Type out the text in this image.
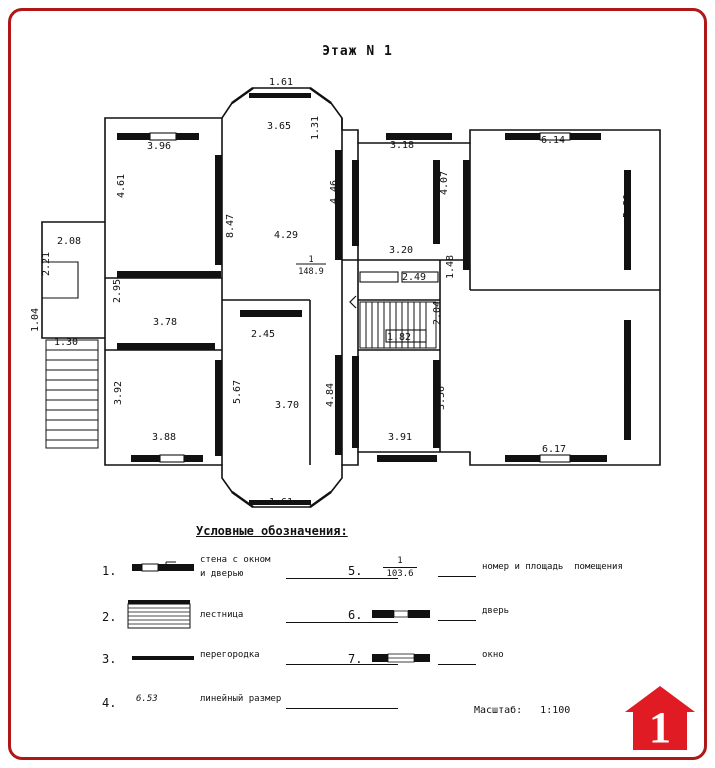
Этаж N 1
1
148.9
1.61
3.65 1.31
3.96	3.18	6.14
4.61	4.46	4.07
5.80
8.47
2.08
4.29
3.20
2.21	1.48
2.49
2.95
1.04	2.04
2.54
3.78
1.30
2.45	1.82
6.00
3.92	5.67
3.70	4.84	3.56
3.88	3.91
6.17
1.61
Условные обозначения:
1.
стена с окном
и дверью
2.	лестница
3.	перегородка
4. 6.53	линейный размер
5.
1
103.6
номер и площадь  помещения
6.	дверь
7.	окно
Масштаб: 1:100 1
